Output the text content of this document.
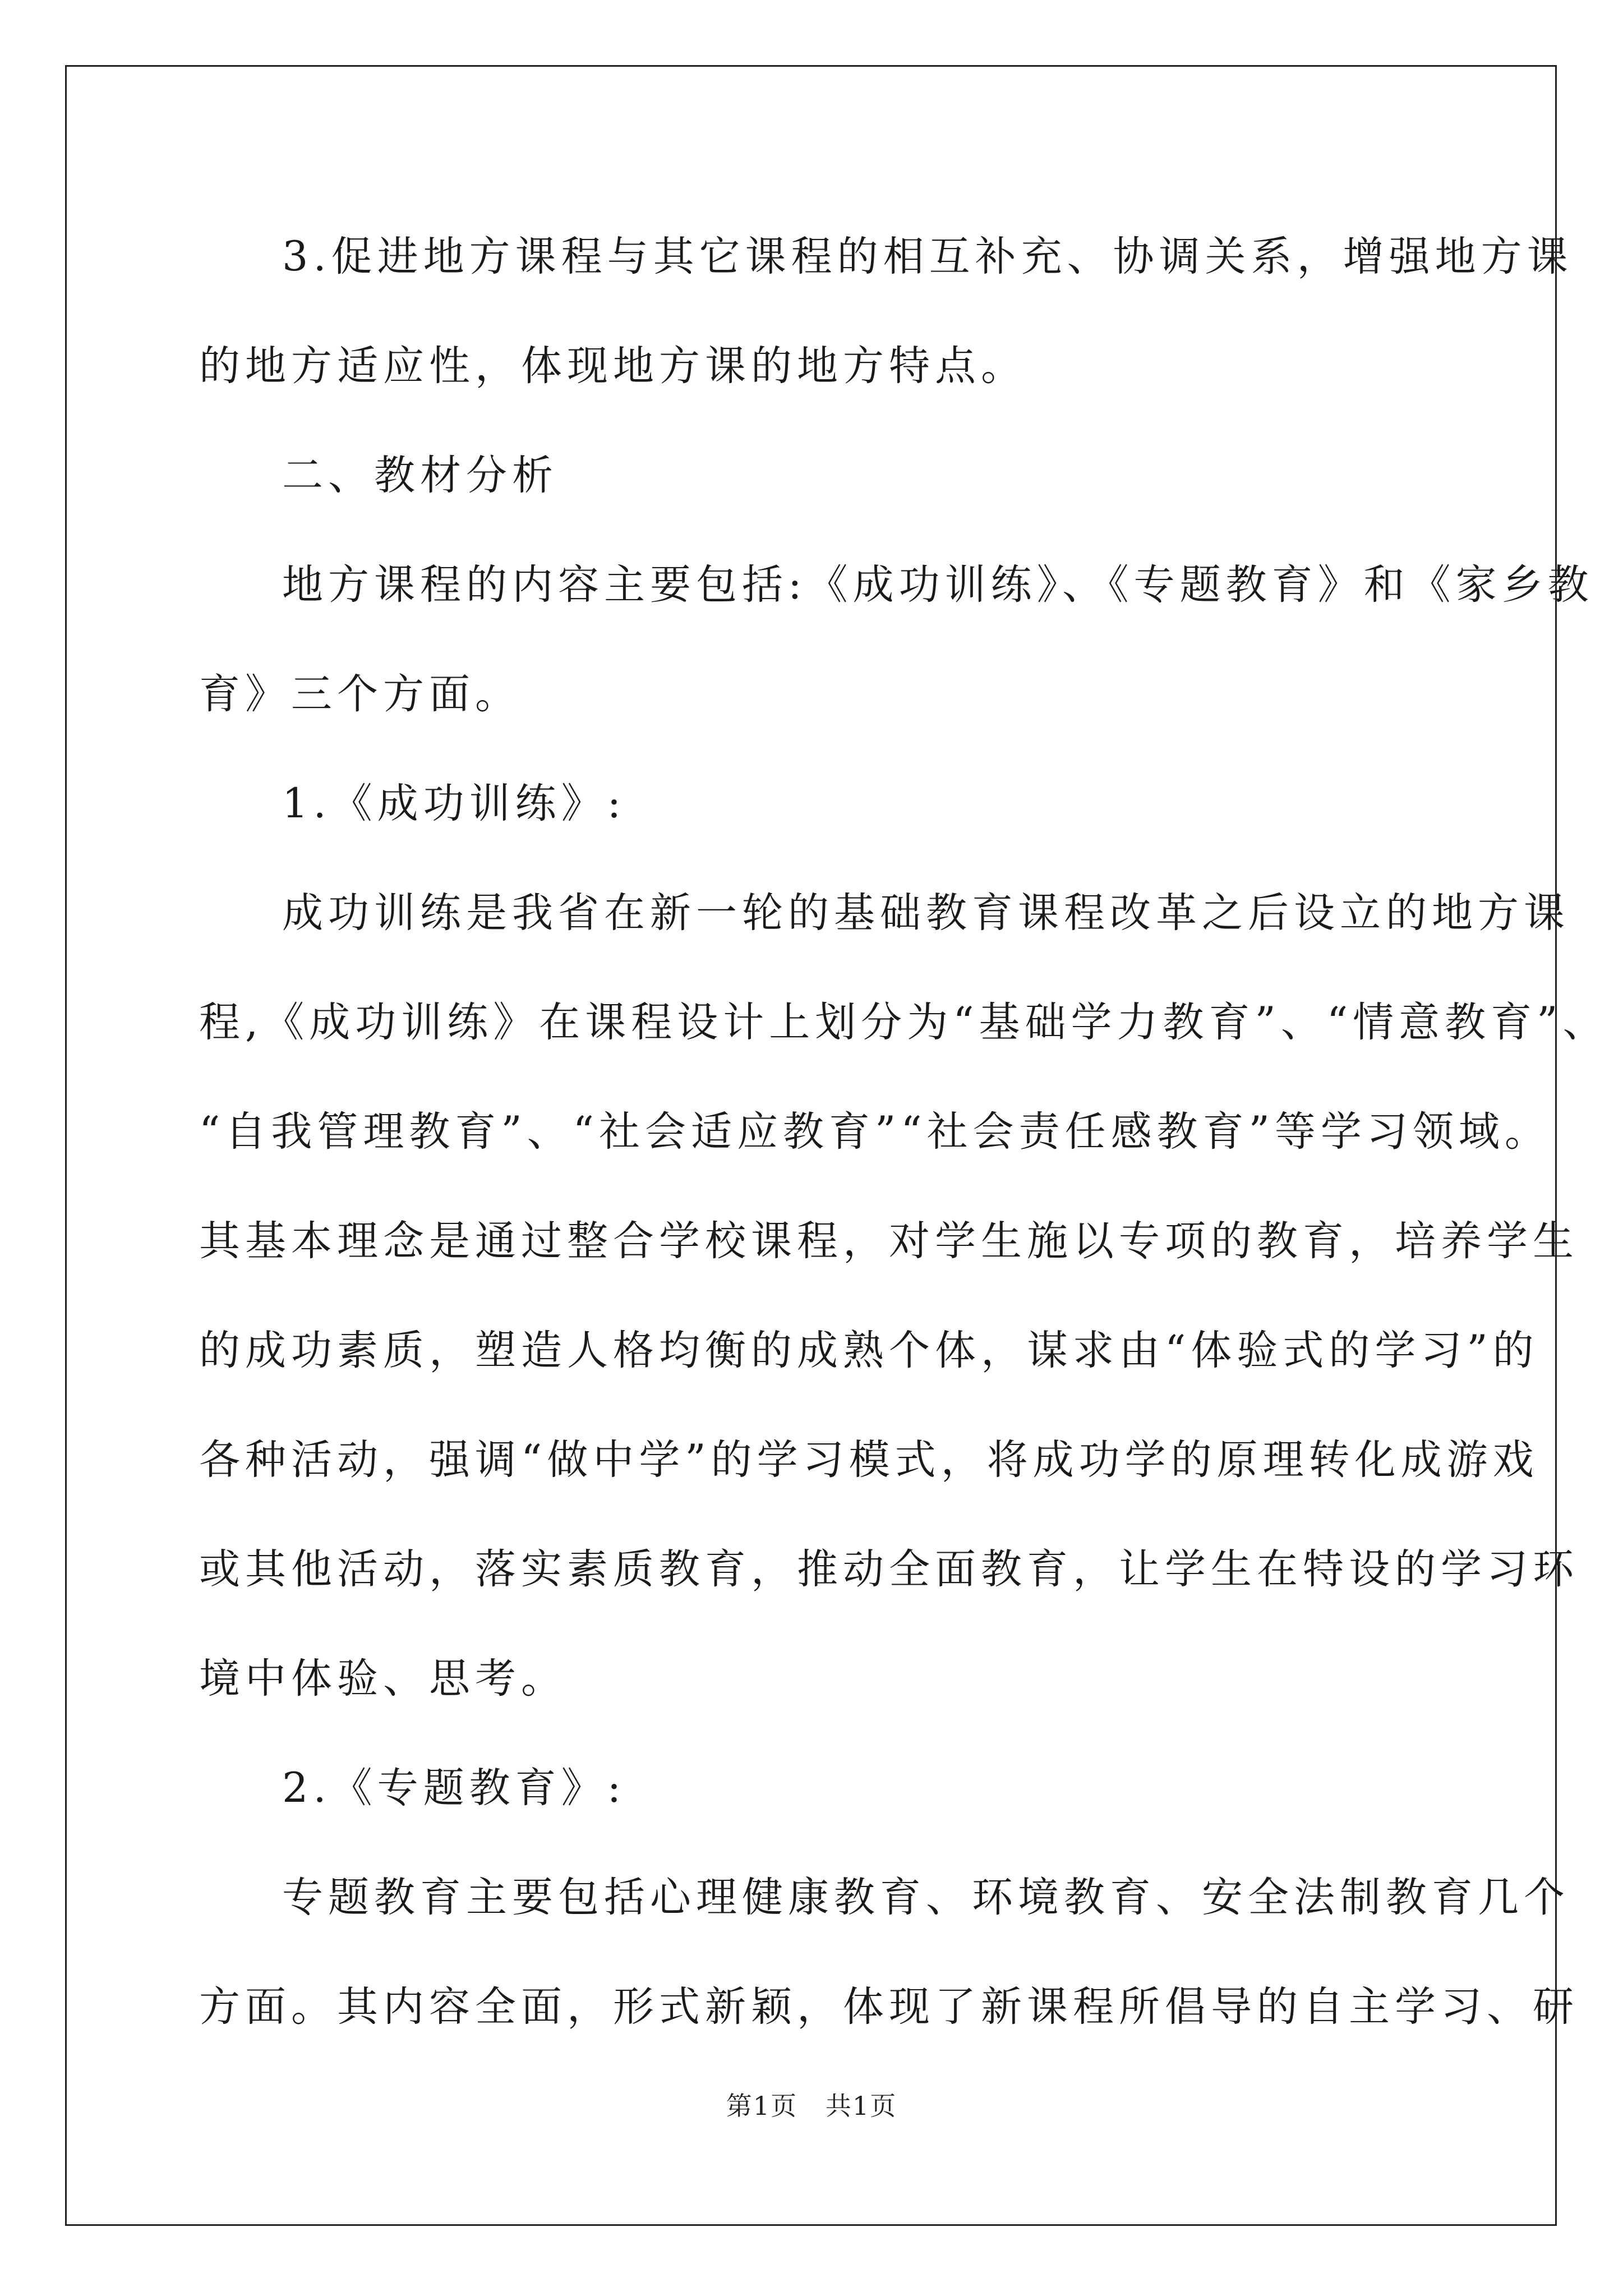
3.促进地方课程与其它课程的相互补充、协调关系，增强地方课
的地方适应性，体现地方课的地方特点。
二、教材分析
地方课程的内容主要包括:《成功训练》、《专题教育》和《家乡教
育》三个方面。
1.《成功训练》:
成功训练是我省在新一轮的基础教育课程改革之后设立的地方课
程,《成功训练》在课程设计上划分为“基础学力教育”、“情意教育”、
“自我管理教育”、“社会适应教育”“社会责任感教育”等学习领域。
其基本理念是通过整合学校课程，对学生施以专项的教育，培养学生
的成功素质，塑造人格均衡的成熟个体，谋求由“体验式的学习”的
各种活动，强调“做中学”的学习模式，将成功学的原理转化成游戏
或其他活动，落实素质教育，推动全面教育，让学生在特设的学习环
境中体验、思考。
2.《专题教育》:
专题教育主要包括心理健康教育、环境教育、安全法制教育几个
方面。其内容全面，形式新颖，体现了新课程所倡导的自主学习、研
第1页   共1页
